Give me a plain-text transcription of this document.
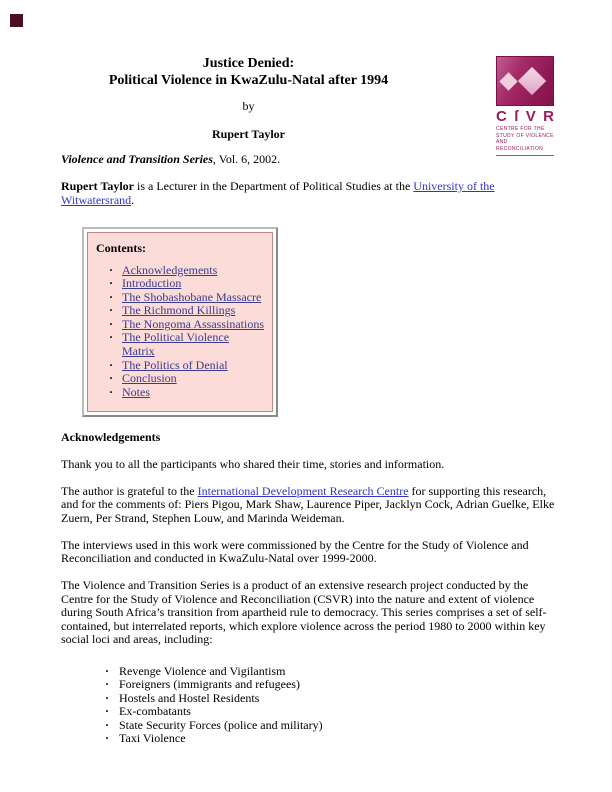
Justice Denied:
Political Violence in KwaZulu-Natal after 1994
by
Rupert Taylor
C ſ V R
CENTRE FOR THE
STUDY OF VIOLENCE
AND RECONCILIATION

Violence and Transition Series, Vol. 6, 2002.

Rupert Taylor is a Lecturer in the Department of Political Studies at the University of the Witwatersrand.

Contents:
· Acknowledgements
· Introduction
· The Shobashobane Massacre
· The Richmond Killings
· The Nongoma Assassinations
· The Political Violence Matrix
· The Politics of Denial
· Conclusion
· Notes

Acknowledgements

Thank you to all the participants who shared their time, stories and information.

The author is grateful to the International Development Research Centre for supporting this research, and for the comments of: Piers Pigou, Mark Shaw, Laurence Piper, Jacklyn Cock, Adrian Guelke, Elke Zuern, Per Strand, Stephen Louw, and Marinda Weideman.

The interviews used in this work were commissioned by the Centre for the Study of Violence and Reconciliation and conducted in KwaZulu-Natal over 1999-2000.

The Violence and Transition Series is a product of an extensive research project conducted by the Centre for the Study of Violence and Reconciliation (CSVR) into the nature and extent of violence during South Africa’s transition from apartheid rule to democracy. This series comprises a set of self-contained, but interrelated reports, which explore violence across the period 1980 to 2000 within key social loci and areas, including:

· Revenge Violence and Vigilantism
· Foreigners (immigrants and refugees)
· Hostels and Hostel Residents
· Ex-combatants
· State Security Forces (police and military)
· Taxi Violence
